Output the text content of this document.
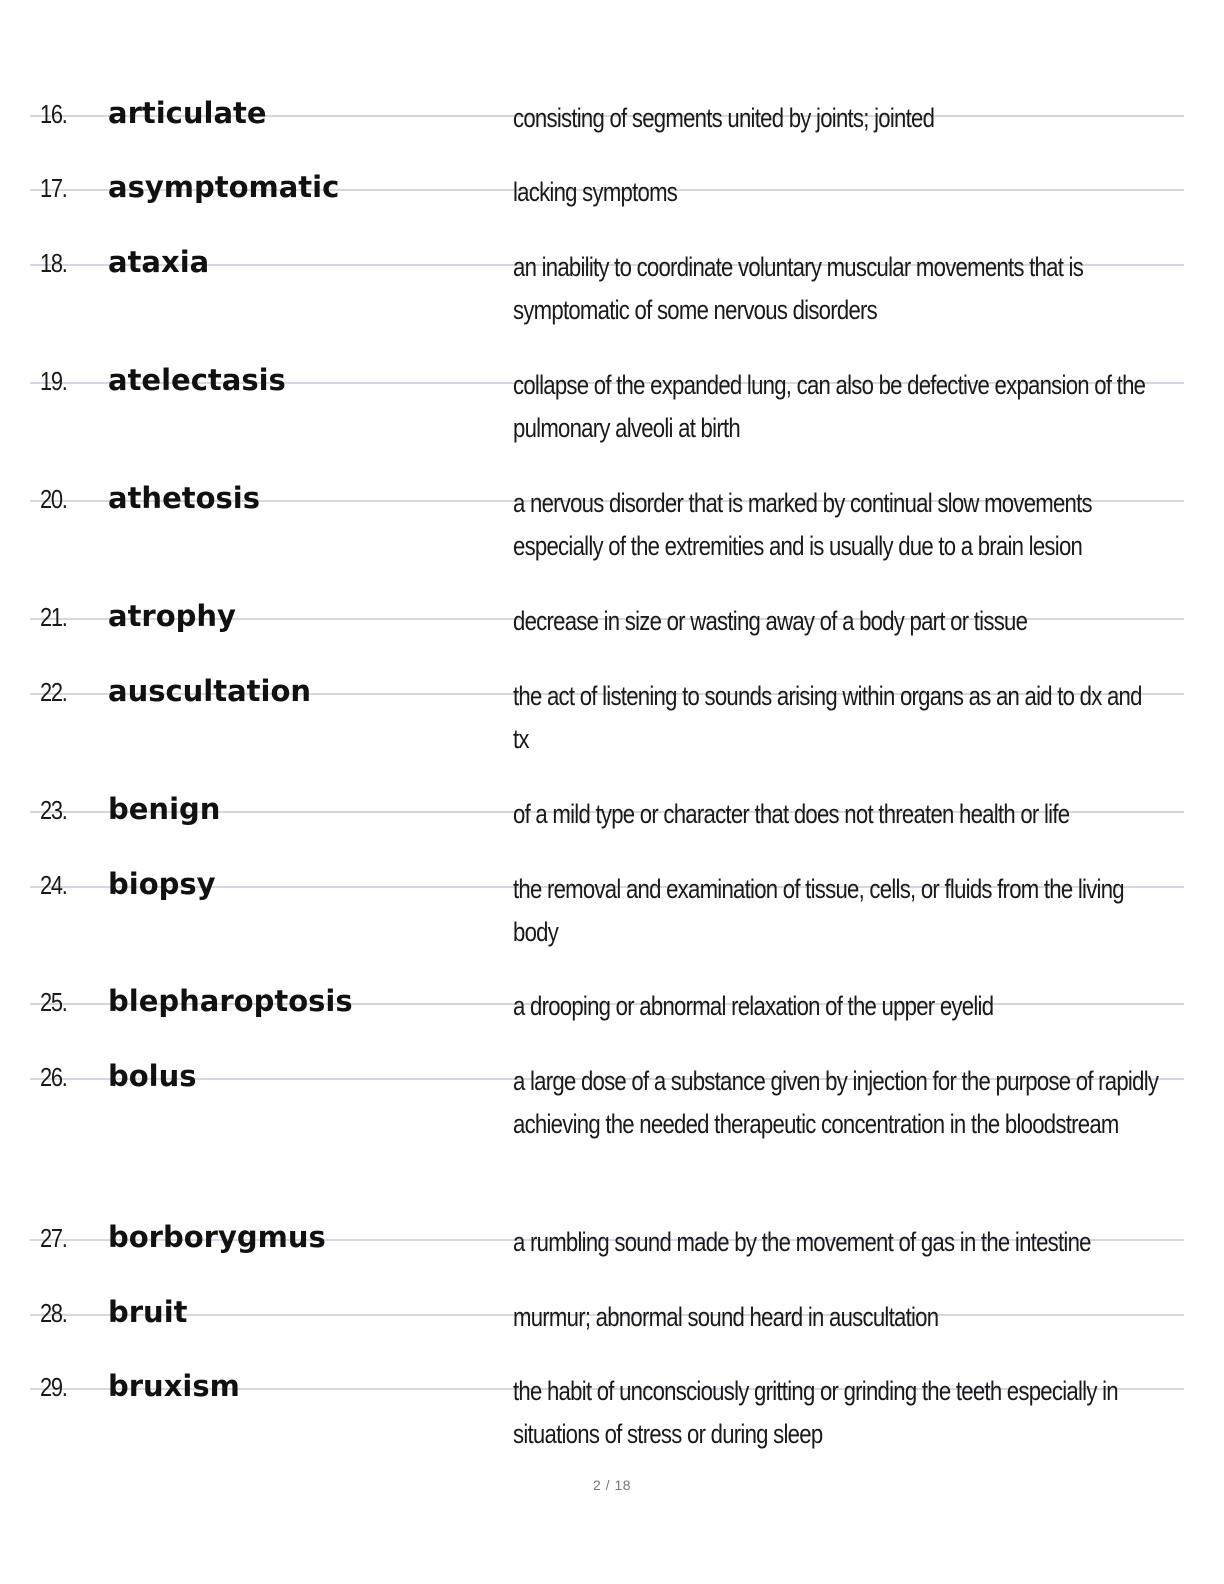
16. articulate	consisting of segments united by joints; jointed
17. asymptomatic	lacking symptoms
18. ataxia	an inability to coordinate voluntary muscular movements that is symptomatic of some nervous disorders
19. atelectasis	collapse of the expanded lung, can also be defective expansion of the pulmonary alveoli at birth
20. athetosis	a nervous disorder that is marked by continual slow movements especially of the extremities and is usually due to a brain lesion
21. atrophy	decrease in size or wasting away of a body part or tissue
22. auscultation	the act of listening to sounds arising within organs as an aid to dx and tx
23. benign	of a mild type or character that does not threaten health or life
24. biopsy	the removal and examination of tissue, cells, or fluids from the living body
25. blepharoptosis	a drooping or abnormal relaxation of the upper eyelid
26. bolus	a large dose of a substance given by injection for the purpose of rapidly achieving the needed therapeutic concentration in the bloodstream
27. borborygmus	a rumbling sound made by the movement of gas in the intestine
28. bruit	murmur; abnormal sound heard in auscultation
29. bruxism	the habit of unconsciously gritting or grinding the teeth especially in situations of stress or during sleep
2 / 18
